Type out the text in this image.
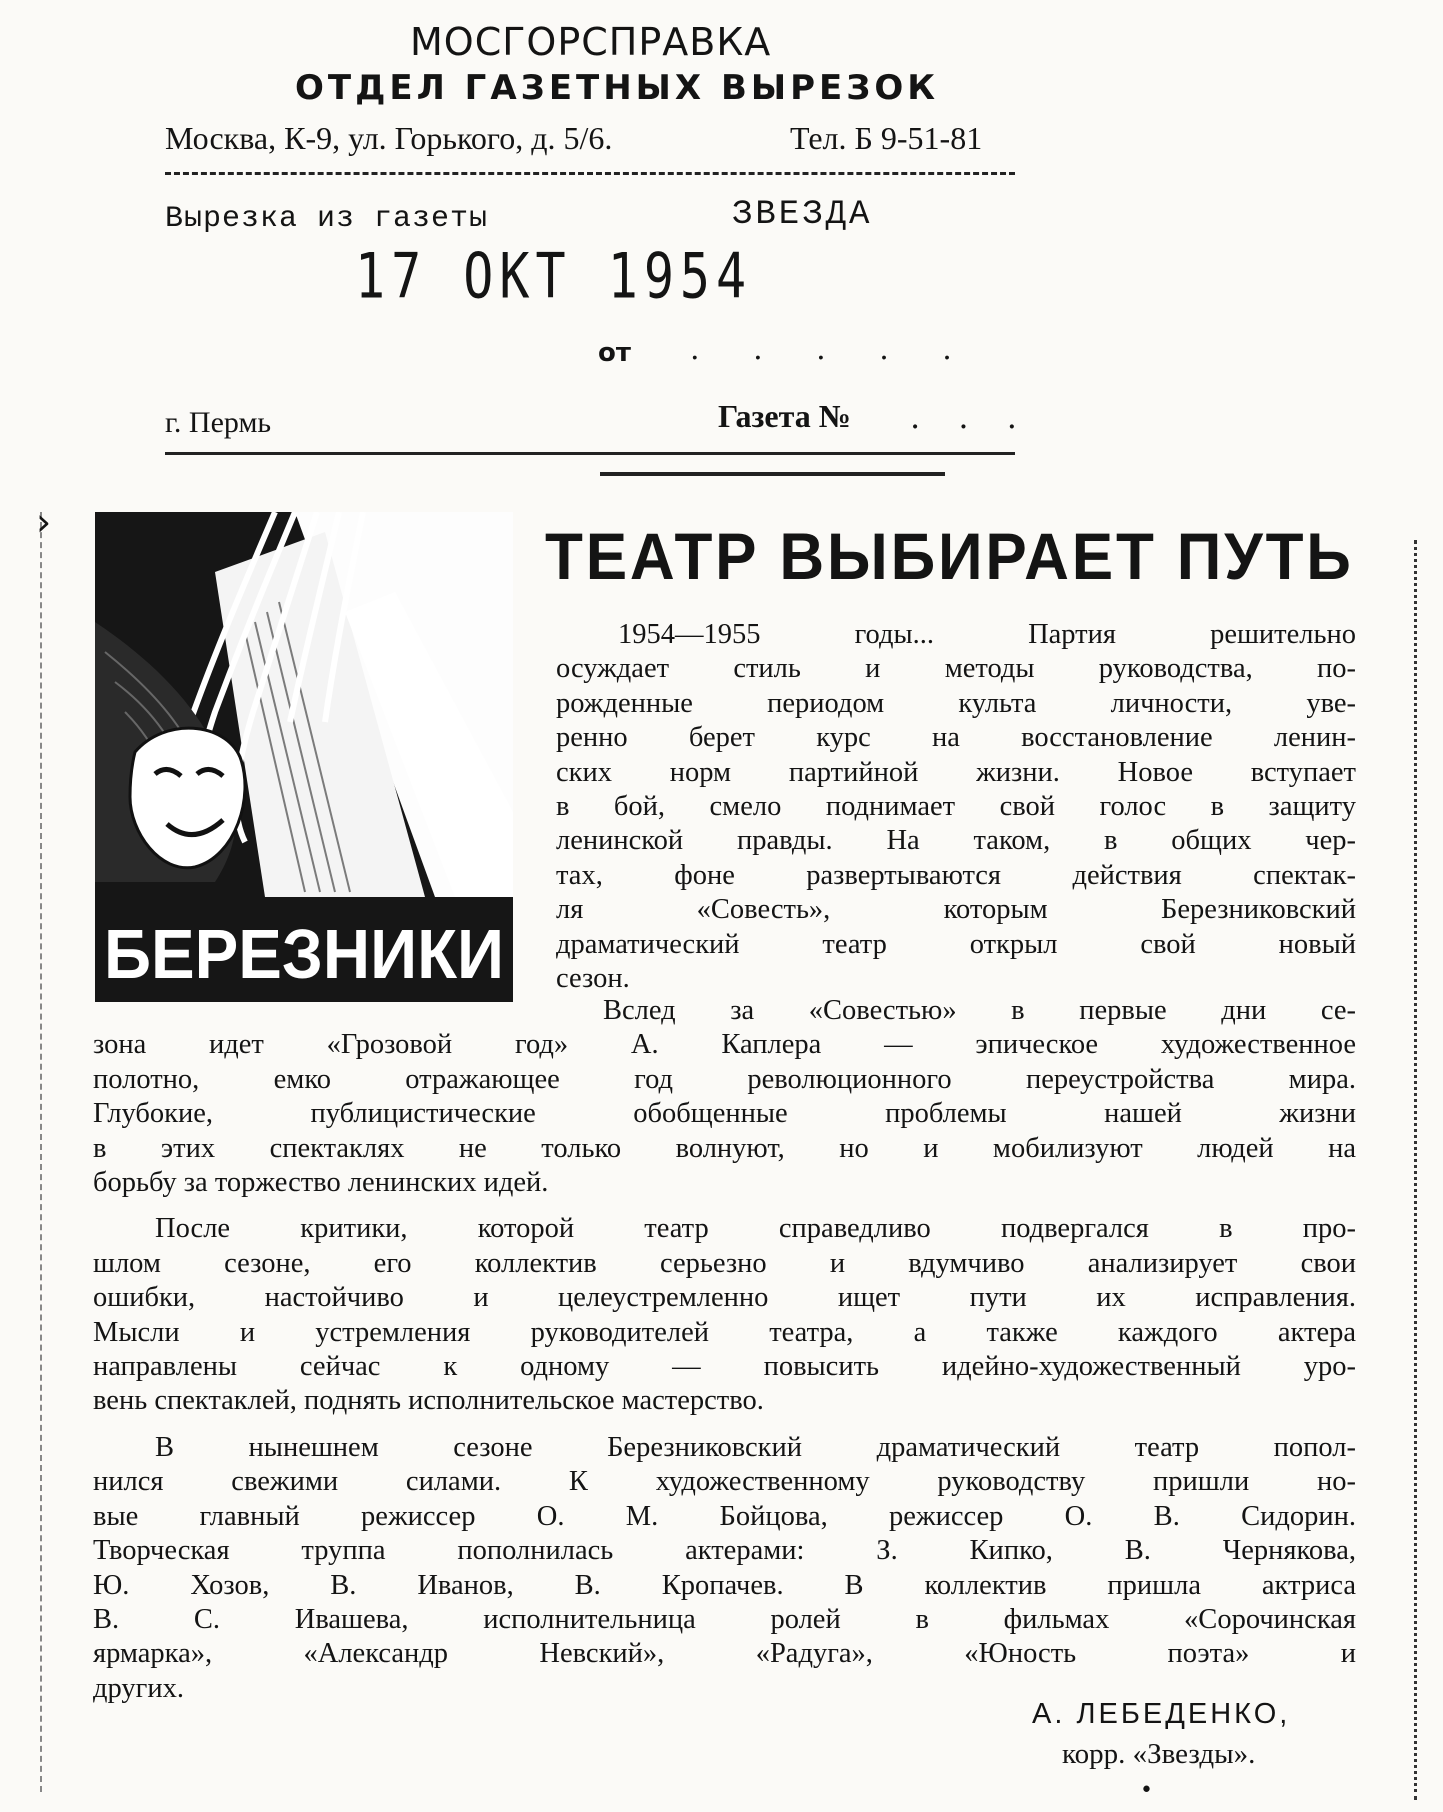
МОСГОРСПРАВКА
ОТДЕЛ ГАЗЕТНЫХ ВЫРЕЗОК
Москва, К-9, ул. Горького, д. 5/6.	Тел. Б 9-51-81
Вырезка из газеты	ЗВЕЗДА
17 ОКТ 1954
от . . . . .
г. Пермь	Газета № . . .
›
БЕРЕЗНИКИ
ТЕАТР ВЫБИРАЕТ ПУТЬ
1954—1955 годы... Партия решительно
осуждает стиль и методы руководства, по-
рожденные периодом культа личности, уве-
ренно берет курс на восстановление ленин-
ских норм партийной жизни. Новое вступает
в бой, смело поднимает свой голос в защиту
ленинской правды. На таком, в общих чер-
тах, фоне развертываются действия спектак-
ля «Совесть», которым Березниковский
драматический театр открыл свой новый
сезон.
Вслед за «Совестью» в первые дни се-
зона идет «Грозовой год» А. Каплера — эпическое художественное
полотно, емко отражающее год революционного переустройства мира.
Глубокие, публицистические обобщенные проблемы нашей жизни
в этих спектаклях не только волнуют, но и мобилизуют людей на
борьбу за торжество ленинских идей.
После критики, которой театр справедливо подвергался в про-
шлом сезоне, его коллектив серьезно и вдумчиво анализирует свои
ошибки, настойчиво и целеустремленно ищет пути их исправления.
Мысли и устремления руководителей театра, а также каждого актера
направлены сейчас к одному — повысить идейно-художественный уро-
вень спектаклей, поднять исполнительское мастерство.
В нынешнем сезоне Березниковский драматический театр попол-
нился свежими силами. К художественному руководству пришли но-
вые главный режиссер О. М. Бойцова, режиссер О. В. Сидорин.
Творческая труппа пополнилась актерами: З. Кипко, В. Чернякова,
Ю. Хозов, В. Иванов, В. Кропачев. В коллектив пришла актриса
В. С. Ивашева, исполнительница ролей в фильмах «Сорочинская
ярмарка», «Александр Невский», «Радуга», «Юность поэта» и
других.
А. ЛЕБЕДЕНКО,
корр. «Звезды».
•
